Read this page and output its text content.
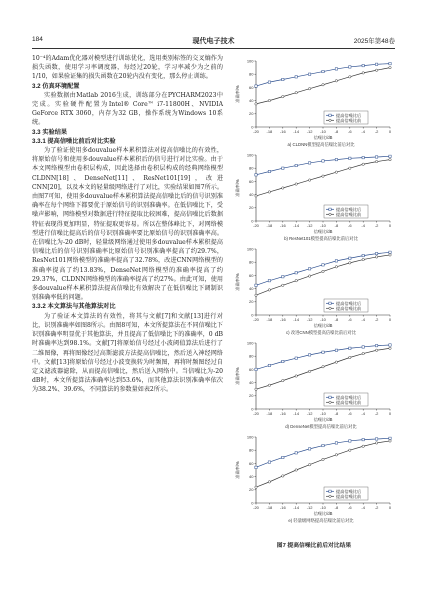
184	现代电子技术	2025年第48卷

10⁻⁴的Adam优化器对模型进行训练优化，选用类别标签的交叉熵作为损失函数，使用学习率调度器，每经过20轮，学习率减少为之前的1/10，如果验证集的损失函数在20轮内没有变化，那么停止训练。

3.2 仿真环境配置

实验数据由Matlab 2016生成，训练部分在PYCHARM2023中完成。实验硬件配置为Intel® Core™ i7-11800H、NVIDIA GeForce RTX 3060，内存为32 GB，操作系统为Windows 10系统。

3.3 实验结果

3.3.1 提高信噪比前后对比实验

为了验证使用多douvalue样本累积算法对提高信噪比的有效性，将原始信号和使用多douvalue样本累积后的信号进行对比实验。由于本文网络模型由卷积层构成，因此选择由卷积层构成的经典网络模型CLDNN[18]、DenseNet[11]、ResNet101[19]，改进CNN[20]，以及本文的轻量级网络进行了对比，实验结果如图7所示。由图7可知，使用多douvalue样本累积算法提高信噪比后的信号识别准确率在每个网络下都要优于原始信号的识别准确率。在低信噪比下，受噪声影响，网络模型对数据进行特征提取比较困难，提高信噪比后数据特征表现得更加明显，特征提取更容易。所以在整体峰比下，对网络模型进行信噪比提高后的信号识别准确率要比原始信号的识别准确率高。在信噪比为-20 dB时，轻量级网络通过使用多douvalue样本累积提高信噪比后的信号识别准确率比原始信号识别准确率提高了约29.7%，ResNet101网络模型的准确率提高了32.78%，改进CNN网络模型的准确率提高了约13.83%，DenseNet网络模型的准确率提高了约29.37%，CLDNN网络模型的准确率提高了约27%。由此可知，使用多douvalue样本累积算法提高信噪比有效解决了在低信噪比下调制识别准确率低的问题。

3.3.2 本文算法与其他算法对比

为了验证本文算法的有效性，将其与文献[7]和文献[13]进行对比，识别准确率如图8所示。由图8可知，本文所提算法在不同信噪比下识别准确率明显优于其他算法，并且提高了低信噪比下的准确率，0 dB时准确率达到98.1%。文献[7]将原始信号经过小波阈值算法后进行了二维图像，再将图像经过高斯滤波方法提高信噪比，然后送入神经网络中。文献[13]将原始信号经过小波变换转为时频图，再将时频图经过自定义滤波器滤除，从而提高信噪比，然后送入网络中。当信噪比为-20 dB时，本文所提算法准确率达到53.6%，而其他算法识别准确率依次为38.2%、39.6%，不同算法的参数量如表2所示。

0
20
40
60
80
100
-20 -18 -16 -14 -12 -10 -8 -6 -4 -2	0
准确率/%
信噪比/dB
提高信噪比后
提高信噪比前
a) CLDNN模型提高信噪比前后对比
0
20
40
60
80
100
-20 -18 -16 -14 -12 -10 -8 -6 -4 -2	0
准确率/%
信噪比/dB
提高信噪比后
提高信噪比前
b) ResNet101模型提高信噪比前后对比
0
20
40
60
80
100
-20 -18 -16 -14 -12 -10 -8 -6 -4 -2	0
准确率/%
信噪比/dB
提高信噪比后
提高信噪比前
c) 改进CNN模型提高信噪比前后对比
0
20
40
60
80
100
-20 -18 -16 -14 -12 -10 -8 -6 -4 -2	0
准确率/%
信噪比/dB
提高信噪比后
提高信噪比前
d) DenseNet模型提高信噪比前后对比
0
20
40
60
80
100
-20 -18 -16 -14 -12 -10 -8 -6 -4 -2	0
准确率/%
信噪比/dB
提高信噪比后
提高信噪比前
e) 轻量级网络提高信噪比前后对比
图7 提高信噪比前后对比结果
